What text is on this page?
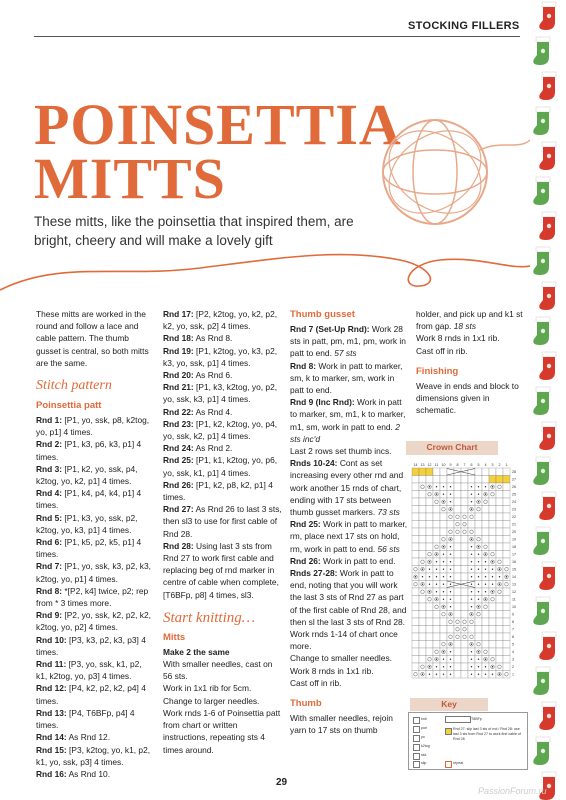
STOCKING FILLERS
POINSETTIA
MITTS
These mitts, like the poinsettia that inspired them, are bright, cheery and will make a lovely gift

These mitts are worked in the round and follow a lace and cable pattern. The thumb gusset is central, so both mitts are the same.

Stitch pattern

Poinsettia patt

Rnd 1: [P1, yo, ssk, p8, k2tog, yo, p1] 4 times.

Rnd 2: [P1, k3, p6, k3, p1] 4 times.

Rnd 3: [P1, k2, yo, ssk, p4, k2tog, yo, k2, p1] 4 times.

Rnd 4: [P1, k4, p4, k4, p1] 4 times.

Rnd 5: [P1, k3, yo, ssk, p2, k2tog, yo, k3, p1] 4 times.

Rnd 6: [P1, k5, p2, k5, p1] 4 times.

Rnd 7: [P1, yo, ssk, k3, p2, k3, k2tog, yo, p1] 4 times.

Rnd 8: *[P2, k4] twice, p2; rep from * 3 times more.

Rnd 9: [P2, yo, ssk, k2, p2, k2, k2tog, yo, p2] 4 times.

Rnd 10: [P3, k3, p2, k3, p3] 4 times.

Rnd 11: [P3, yo, ssk, k1, p2, k1, k2tog, yo, p3] 4 times.

Rnd 12: [P4, k2, p2, k2, p4] 4 times.

Rnd 13: [P4, T6BFp, p4] 4 times.

Rnd 14: As Rnd 12.

Rnd 15: [P3, k2tog, yo, k1, p2, k1, yo, ssk, p3] 4 times.

Rnd 16: As Rnd 10.

Rnd 17: [P2, k2tog, yo, k2, p2, k2, yo, ssk, p2] 4 times.

Rnd 18: As Rnd 8.

Rnd 19: [P1, k2tog, yo, k3, p2, k3, yo, ssk, p1] 4 times.

Rnd 20: As Rnd 6.

Rnd 21: [P1, k3, k2tog, yo, p2, yo, ssk, k3, p1] 4 times.

Rnd 22: As Rnd 4.

Rnd 23: [P1, k2, k2tog, yo, p4, yo, ssk, k2, p1] 4 times.

Rnd 24: As Rnd 2.

Rnd 25: [P1, k1, k2tog, yo, p6, yo, ssk, k1, p1] 4 times.

Rnd 26: [P1, k2, p8, k2, p1] 4 times.

Rnd 27: As Rnd 26 to last 3 sts, then sl3 to use for first cable of Rnd 28.

Rnd 28: Using last 3 sts from Rnd 27 to work first cable and replacing beg of rnd marker in centre of cable when complete, [T6BFp, p8] 4 times, sl3.

Start knitting…

Mitts

Make 2 the same

With smaller needles, cast on 56 sts.

Work in 1x1 rib for 5cm.

Change to larger needles.

Work rnds 1-6 of Poinsettia patt from chart or written instructions, repeating sts 4 times around.

Thumb gusset

Rnd 7 (Set-Up Rnd): Work 28 sts in patt, pm, m1, pm, work in patt to end. 57 sts

Rnd 8: Work in patt to marker, sm, k to marker, sm, work in patt to end.

Rnd 9 (Inc Rnd): Work in patt to marker, sm, m1, k to marker, m1, sm, work in patt to end. 2 sts inc'd

Last 2 rows set thumb incs.

Rnds 10-24: Cont as set increasing every other rnd and work another 15 rnds of chart, ending with 17 sts between thumb gusset markers. 73 sts

Rnd 25: Work in patt to marker, rm, place next 17 sts on hold, rm, work in patt to end. 56 sts

Rnd 26: Work in patt to end.

Rnds 27-28: Work in patt to end, noting that you will work the last 3 sts of Rnd 27 as part of the first cable of Rnd 28, and then sl the last 3 sts of Rnd 28.

Work rnds 1-14 of chart once more.

Change to smaller needles.

Work 8 rnds in 1x1 rib.

Cast off in rib.

Thumb

With smaller needles, rejoin yarn to 17 sts on thumb

holder, and pick up and k1 st from gap. 18 sts

Work 8 rnds in 1x1 rib.

Cast off in rib.

Finishing

Weave in ends and block to dimensions given in schematic.

Crown Chart
14 13 12 11 10 9 8 7 6 5 4 3 2 1
28
27
26
25
24
23
22
21
20
19
18
17
16
15
14
13
12
11
10
9
8
7
6
5
4
3
2
1
Key
knit
purl
yo
k2tog
ssk
slip
T6BFp
Rnd 27: slip last 3 sts of rnd / Rnd 28: use last 3 sts from Rnd 27 to work first cable of Rnd 28
repeat
29
PassionForum.ru
